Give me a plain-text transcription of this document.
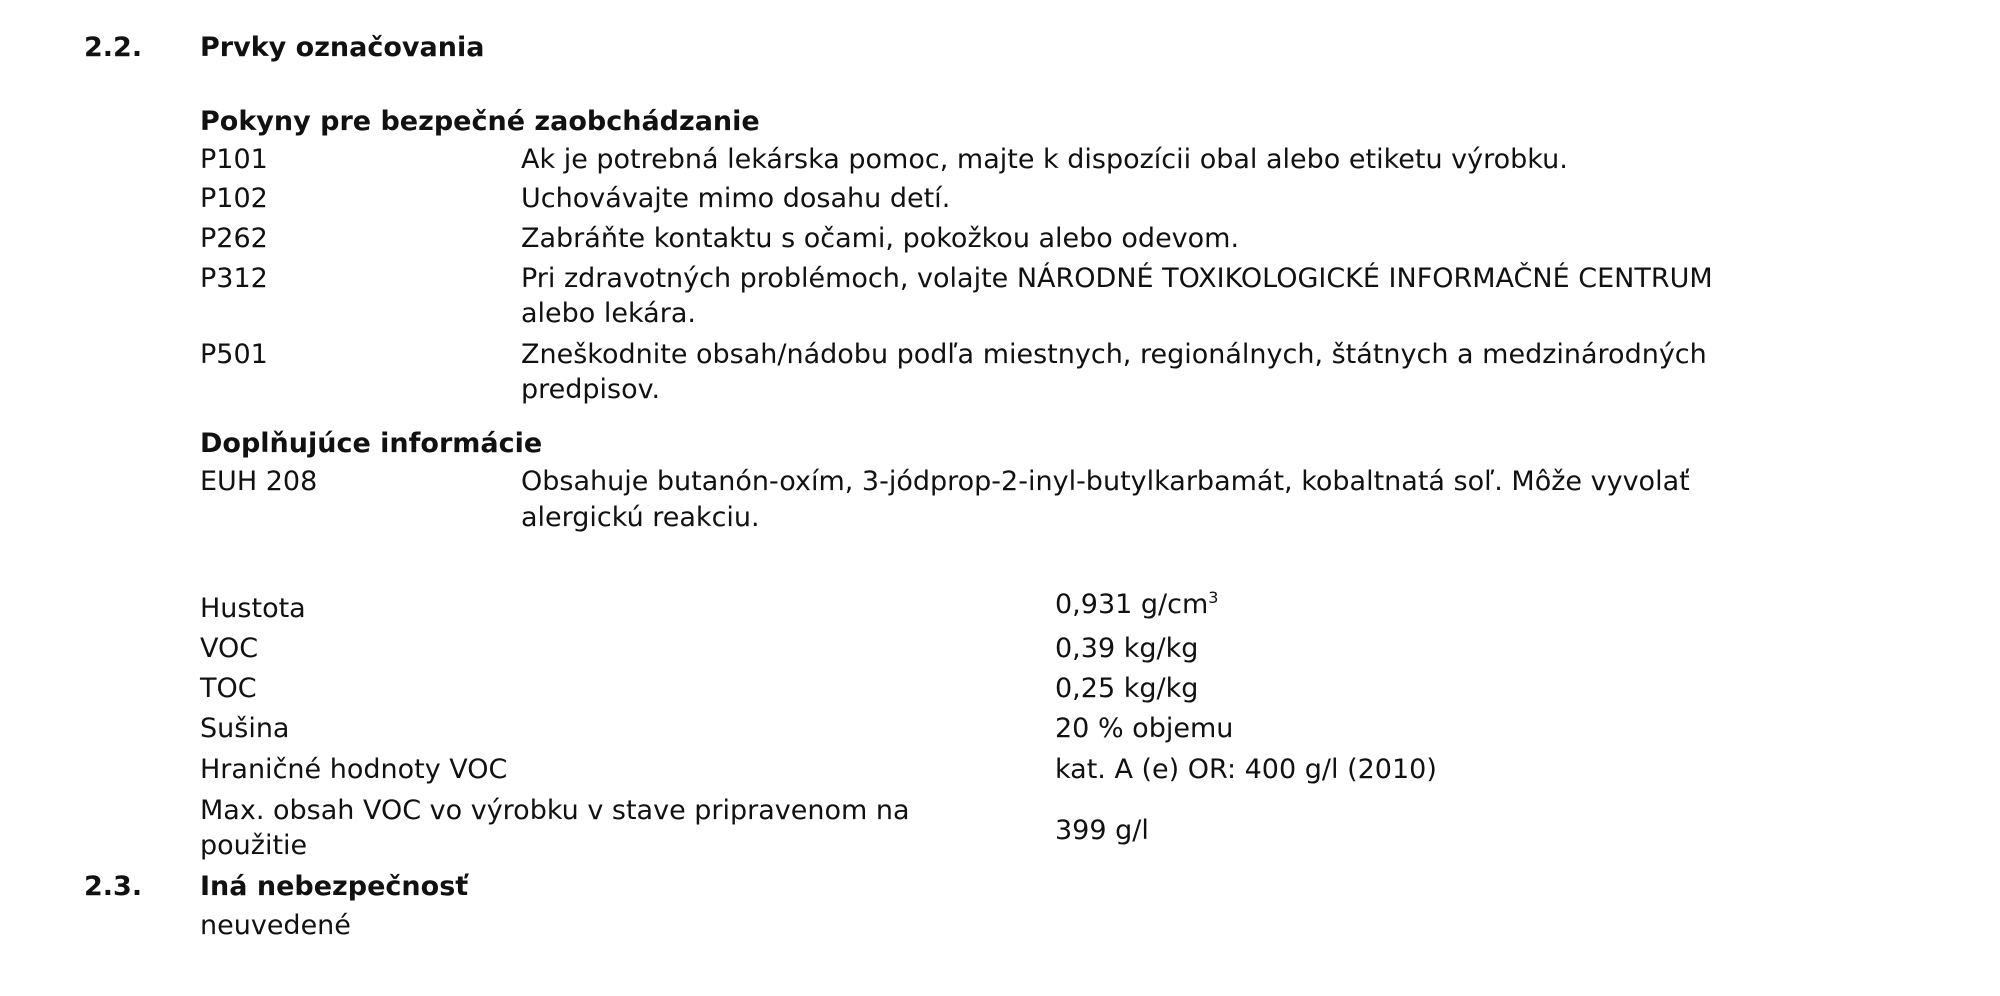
2.2. Prvky označovania
Pokyny pre bezpečné zaobchádzanie
P101	Ak je potrebná lekárska pomoc, majte k dispozícii obal alebo etiketu výrobku.
P102	Uchovávajte mimo dosahu detí.
P262	Zabráňte kontaktu s očami, pokožkou alebo odevom.
P312	Pri zdravotných problémoch, volajte NÁRODNÉ TOXIKOLOGICKÉ INFORMAČNÉ CENTRUM
alebo lekára.
P501	Zneškodnite obsah/nádobu podľa miestnych, regionálnych, štátnych a medzinárodných
predpisov.
Doplňujúce informácie
EUH 208	Obsahuje butanón-oxím, 3-jódprop-2-inyl-butylkarbamát, kobaltnatá soľ. Môže vyvolať
alergickú reakciu.
Hustota	0,931 $g/cm^3$
VOC	0,39 kg/kg
TOC	0,25 kg/kg
Sušina	20 % objemu
Hraničné hodnoty VOC	kat. A (e) OR: 400 g/l (2010)
Max. obsah VOC vo výrobku v stave pripravenom na
použitie	399 g/l
2.3. Iná nebezpečnosť
neuvedené
